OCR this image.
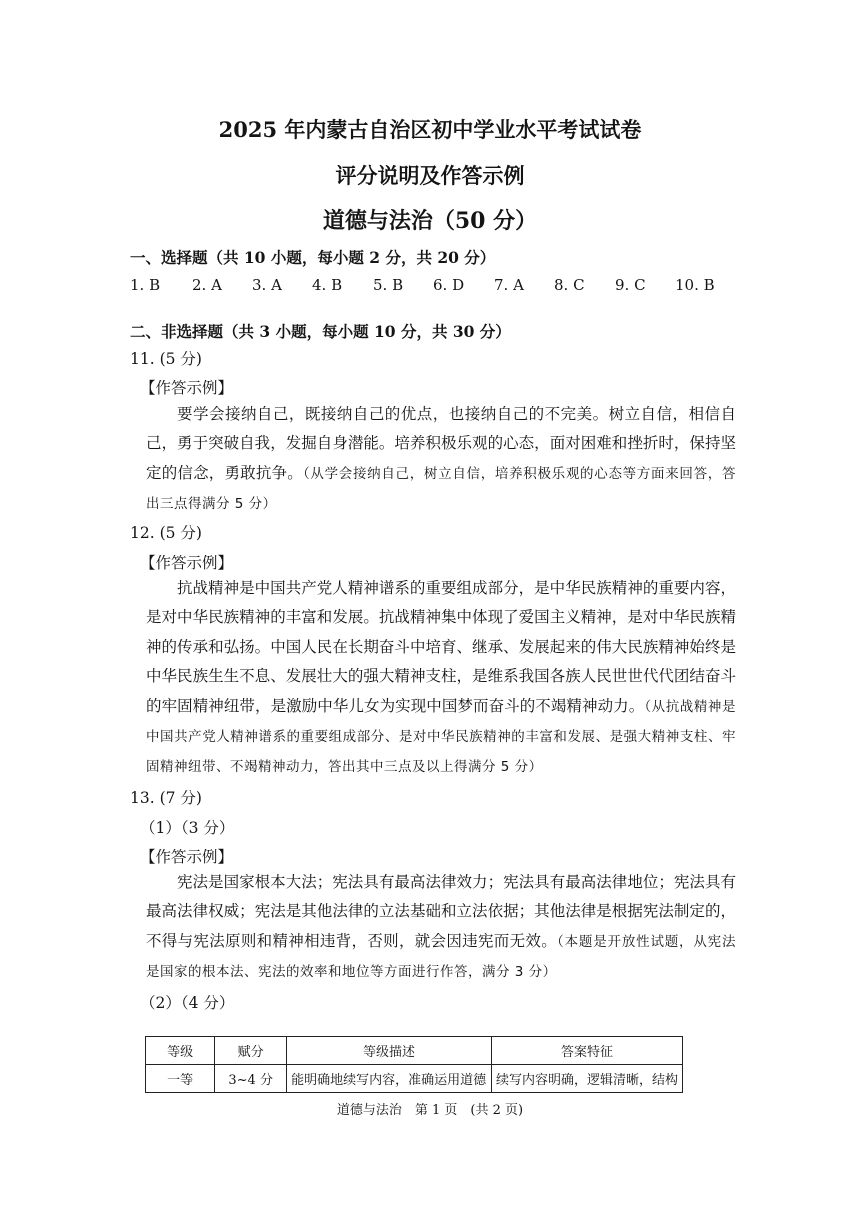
2025 年内蒙古自治区初中学业水平考试试卷
评分说明及作答示例
道德与法治（50 分）
一、选择题（共 10 小题，每小题 2 分，共 20 分）
1. B 2. A 3. A 4. B 5. B 6. D 7. A 8. C 9. C 10. B
二、非选择题（共 3 小题，每小题 10 分，共 30 分）
11. (5 分)
【作答示例】
要学会接纳自己，既接纳自己的优点，也接纳自己的不完美。树立自信，相信自己，勇于突破自我，发掘自身潜能。培养积极乐观的心态，面对困难和挫折时，保持坚定的信念，勇敢抗争。（从学会接纳自己，树立自信，培养积极乐观的心态等方面来回答，答出三点得满分 5 分）
12. (5 分)
【作答示例】
抗战精神是中国共产党人精神谱系的重要组成部分，是中华民族精神的重要内容，是对中华民族精神的丰富和发展。抗战精神集中体现了爱国主义精神，是对中华民族精神的传承和弘扬。中国人民在长期奋斗中培育、继承、发展起来的伟大民族精神始终是中华民族生生不息、发展壮大的强大精神支柱，是维系我国各族人民世世代代团结奋斗的牢固精神纽带，是激励中华儿女为实现中国梦而奋斗的不竭精神动力。（从抗战精神是中国共产党人精神谱系的重要组成部分、是对中华民族精神的丰富和发展、是强大精神支柱、牢固精神纽带、不竭精神动力，答出其中三点及以上得满分 5 分）
13. (7 分)
（1）（3 分）
【作答示例】
宪法是国家根本大法；宪法具有最高法律效力；宪法具有最高法律地位；宪法具有最高法律权威；宪法是其他法律的立法基础和立法依据；其他法律是根据宪法制定的，不得与宪法原则和精神相违背，否则，就会因违宪而无效。（本题是开放性试题，从宪法是国家的根本法、宪法的效率和地位等方面进行作答，满分 3 分）
（2）（4 分）
等级	赋分	等级描述	答案特征
一等	3~4 分	能明确地续写内容，准确运用道德	续写内容明确，逻辑清晰，结构
道德与法治　第 1 页　(共 2 页)
